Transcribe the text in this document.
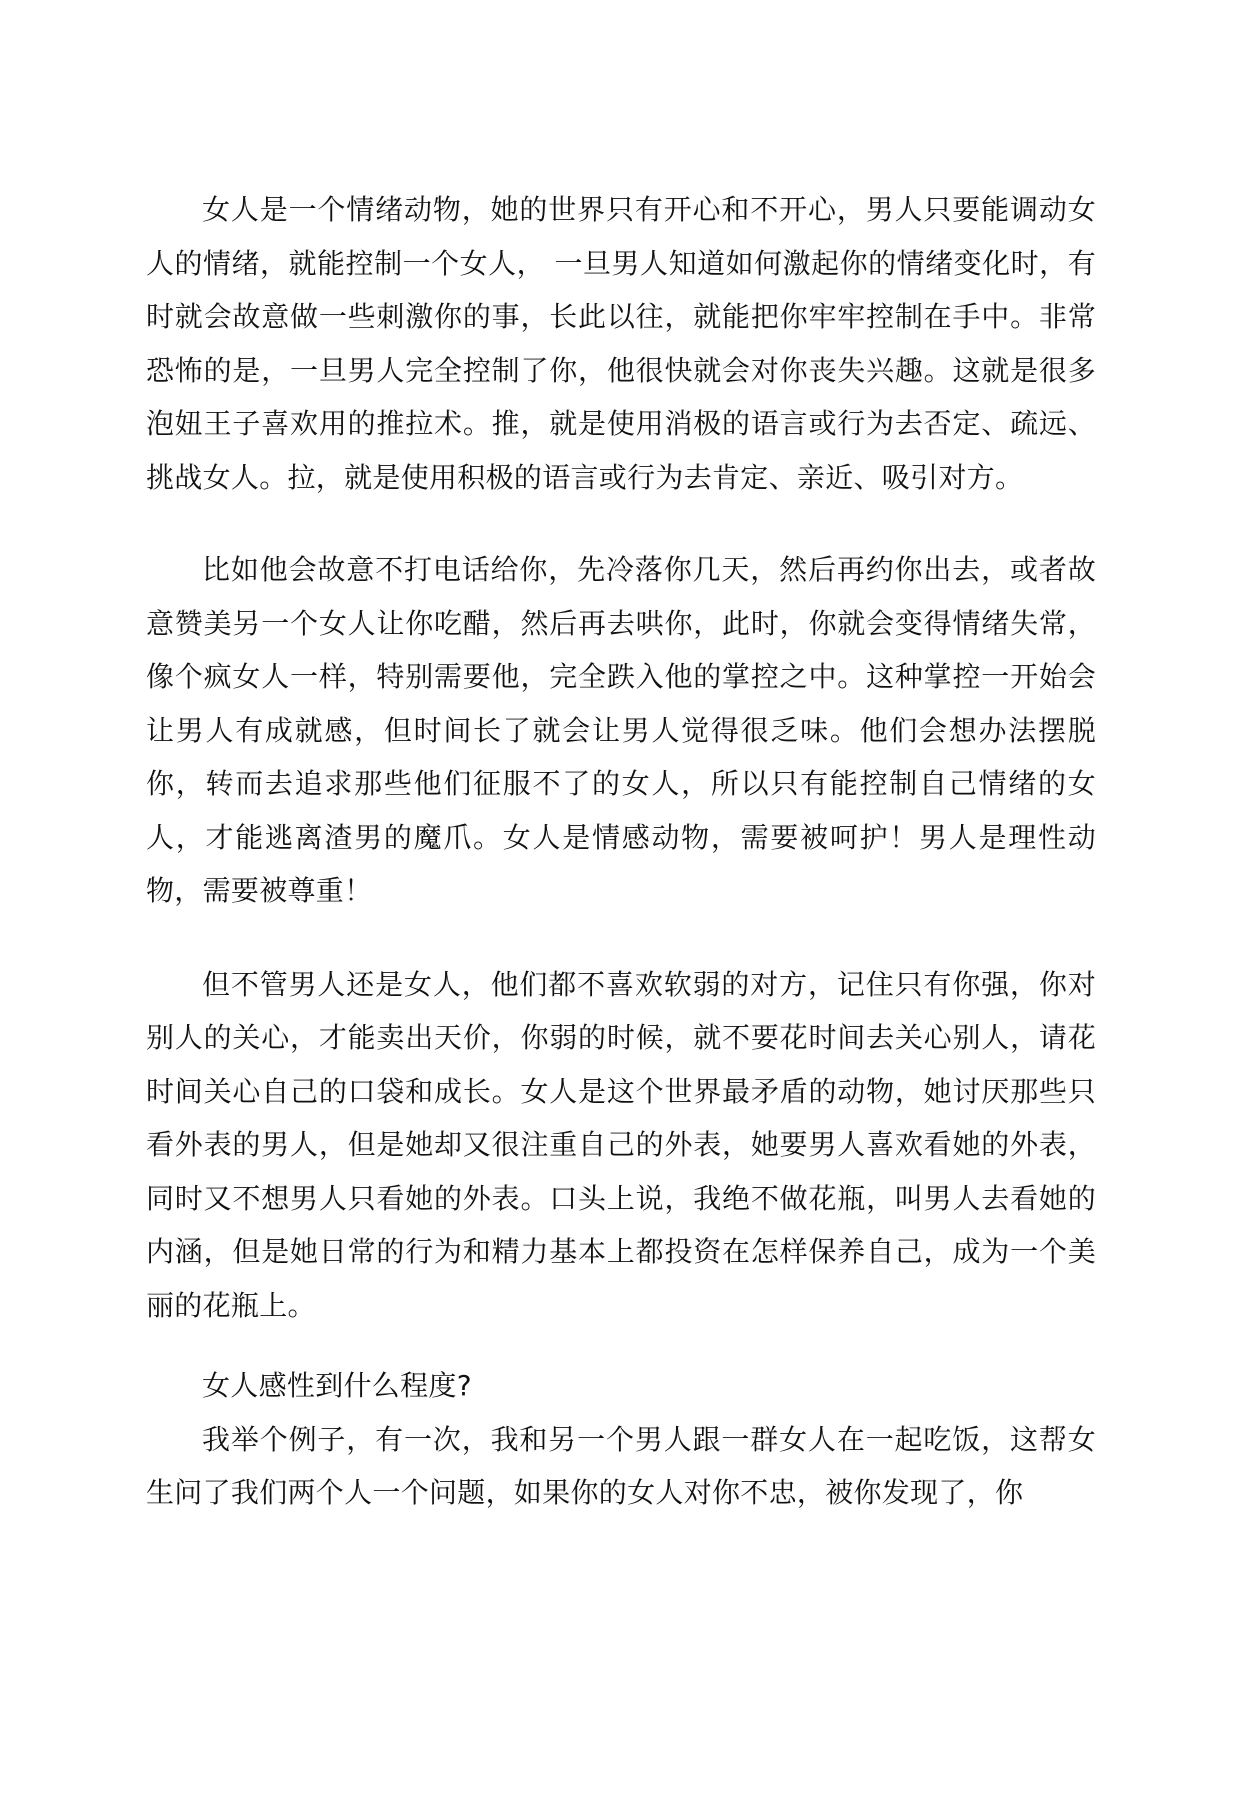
女人是一个情绪动物，她的世界只有开心和不开心，男人只要能调动女人的情绪，就能控制一个女人， 一旦男人知道如何激起你的情绪变化时，有时就会故意做一些刺激你的事，长此以往，就能把你牢牢控制在手中。非常恐怖的是，一旦男人完全控制了你，他很快就会对你丧失兴趣。这就是很多泡妞王子喜欢用的推拉术。推，就是使用消极的语言或行为去否定、疏远、挑战女人。拉，就是使用积极的语言或行为去肯定、亲近、吸引对方。

比如他会故意不打电话给你，先冷落你几天，然后再约你出去，或者故意赞美另一个女人让你吃醋，然后再去哄你，此时，你就会变得情绪失常，像个疯女人一样，特别需要他，完全跌入他的掌控之中。这种掌控一开始会让男人有成就感，但时间长了就会让男人觉得很乏味。他们会想办法摆脱你，转而去追求那些他们征服不了的女人，所以只有能控制自己情绪的女人，才能逃离渣男的魔爪。女人是情感动物，需要被呵护！男人是理性动物，需要被尊重！

但不管男人还是女人，他们都不喜欢软弱的对方，记住只有你强，你对别人的关心，才能卖出天价，你弱的时候，就不要花时间去关心别人，请花时间关心自己的口袋和成长。女人是这个世界最矛盾的动物，她讨厌那些只看外表的男人，但是她却又很注重自己的外表，她要男人喜欢看她的外表，同时又不想男人只看她的外表。口头上说，我绝不做花瓶，叫男人去看她的内涵，但是她日常的行为和精力基本上都投资在怎样保养自己，成为一个美丽的花瓶上。

女人感性到什么程度?

我举个例子，有一次，我和另一个男人跟一群女人在一起吃饭，这帮女生问了我们两个人一个问题，如果你的女人对你不忠，被你发现了，你
